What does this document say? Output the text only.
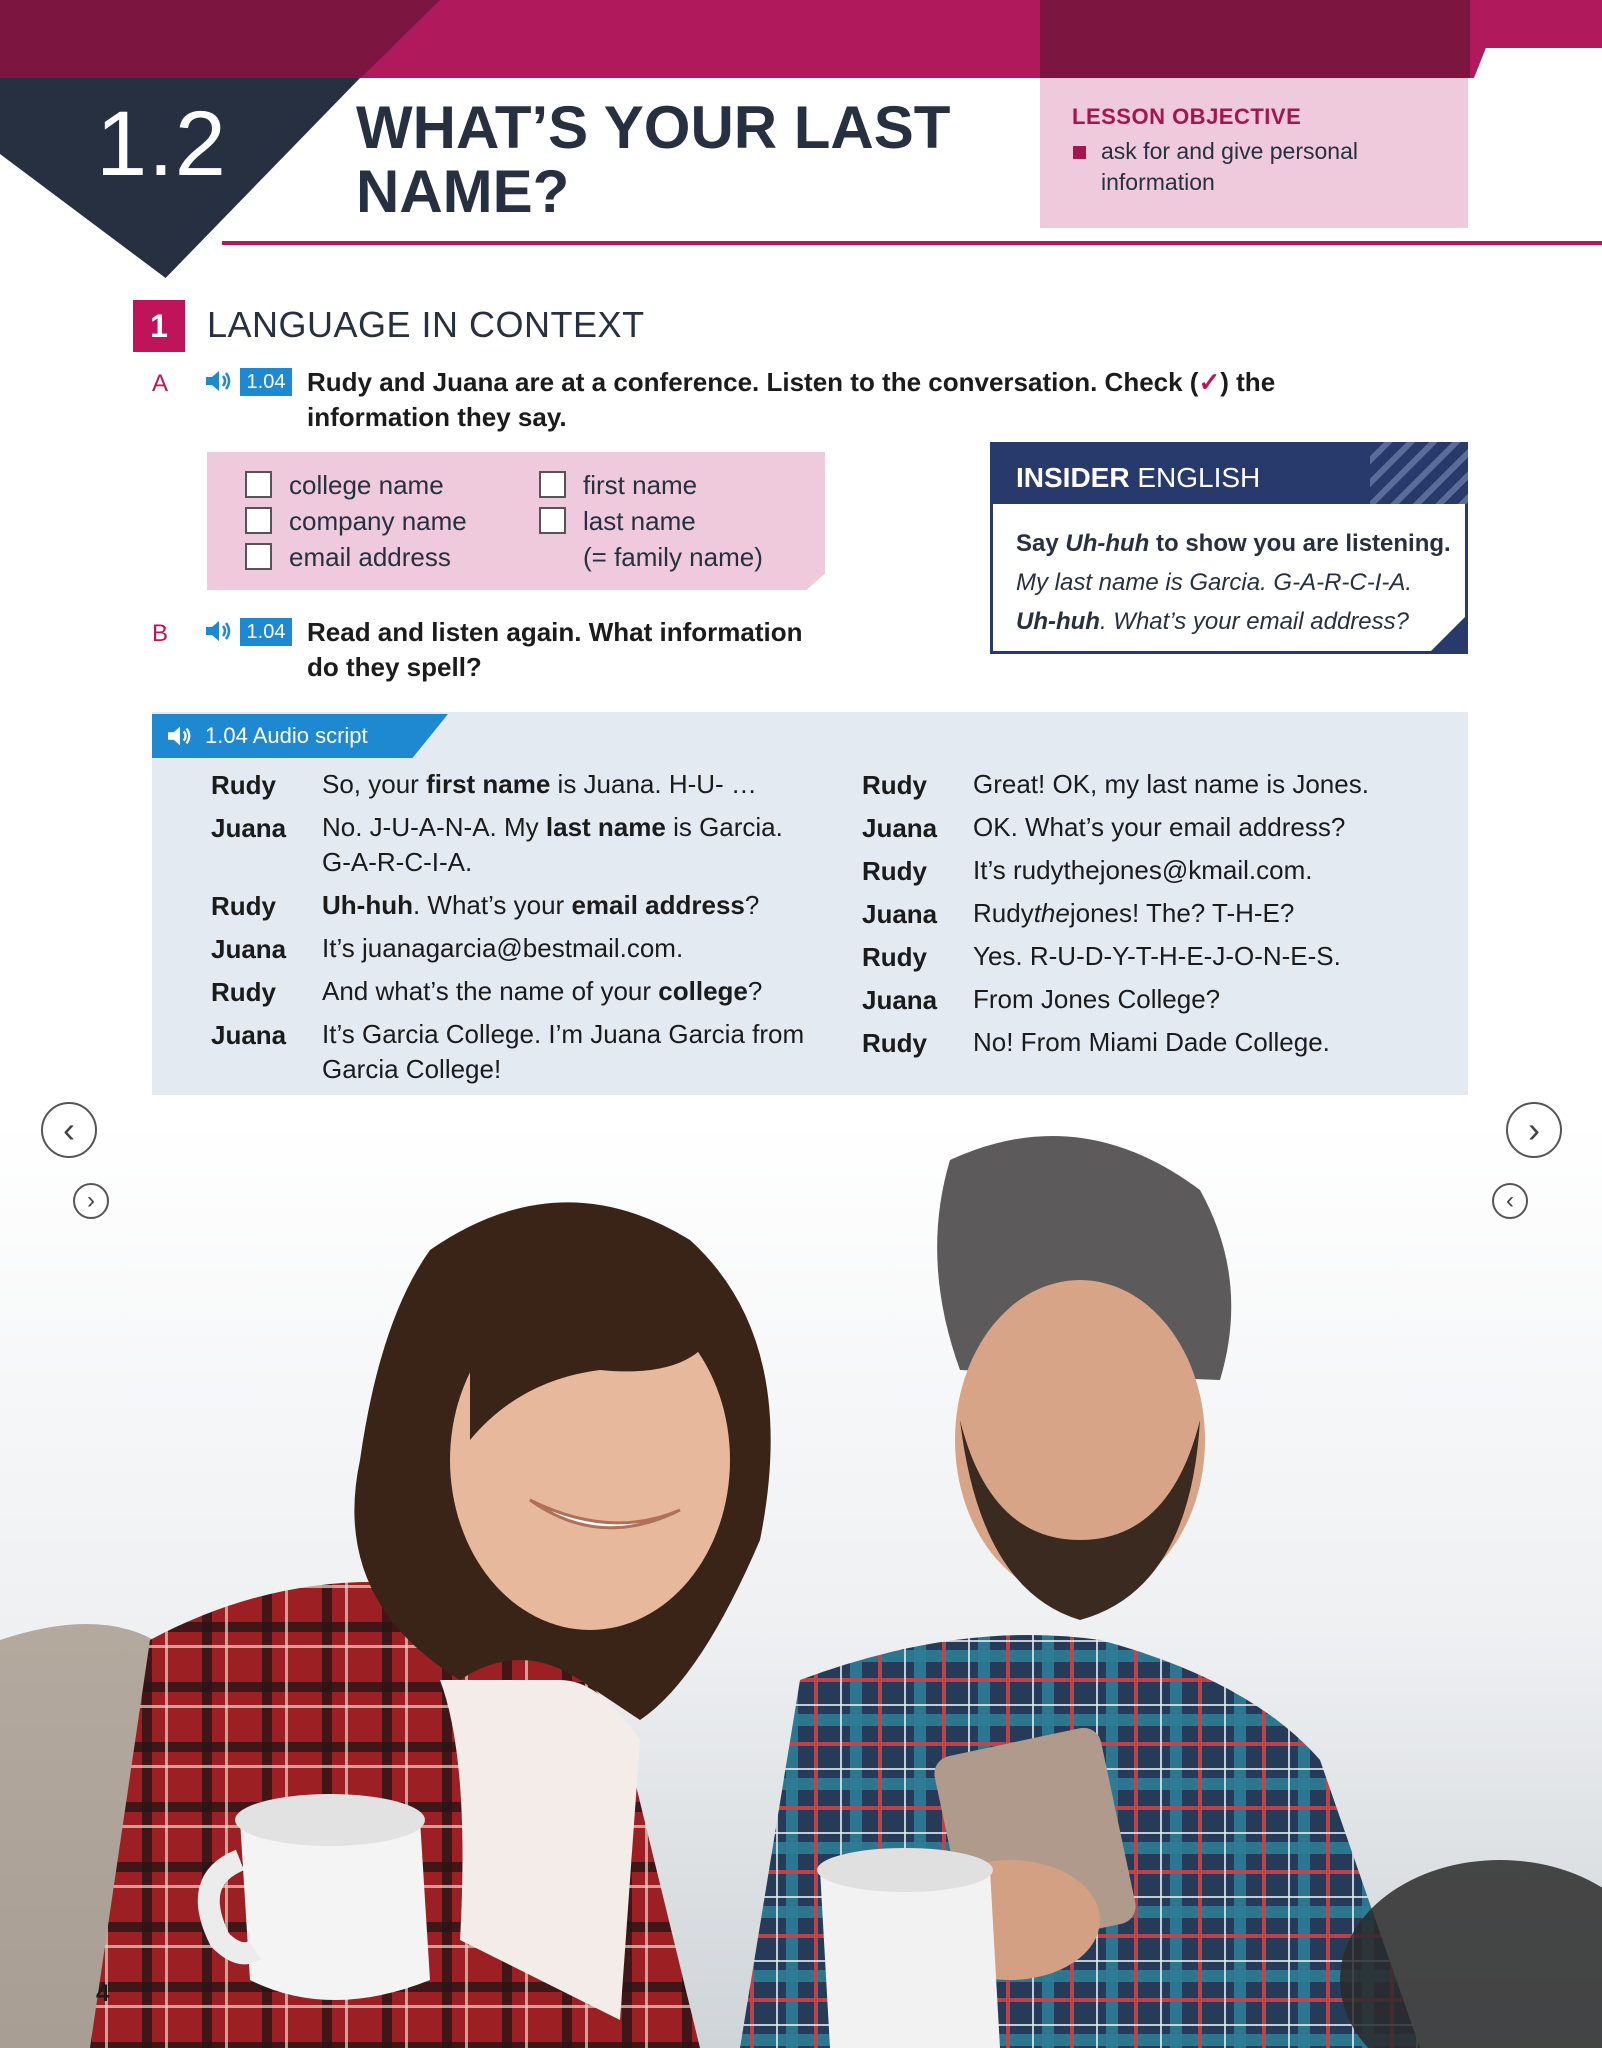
1.2 WHAT’S YOUR LAST NAME?
LESSON OBJECTIVE
ask for and give personal information
1	LANGUAGE IN CONTEXT
A	1.04 Rudy and Juana are at a conference. Listen to the conversation. Check (✓) the information they say.
college name
company name
email address
first name
last name
(= family name)
B	1.04 Read and listen again. What information do they spell?
INSIDER ENGLISH
Say Uh-huh to show you are listening.
My last name is Garcia. G-A-R-C-I-A.
Uh-huh. What’s your email address?
1.04 Audio script
Rudy So, your first name is Juana. H-U- …
Juana No. J-U-A-N-A. My last name is Garcia. G-A-R-C-I-A.
Rudy Uh-huh. What’s your email address?
Juana It’s juanagarcia@bestmail.com.
Rudy And what’s the name of your college?
Juana It’s Garcia College. I’m Juana Garcia from Garcia College!
Rudy Great! OK, my last name is Jones.
Juana OK. What’s your email address?
Rudy It’s rudythejones@kmail.com.
Juana Rudythejones! The? T-H-E?
Rudy Yes. R-U-D-Y-T-H-E-J-O-N-E-S.
Juana From Jones College?
Rudy No! From Miami Dade College.
‹
›
›
‹
4
